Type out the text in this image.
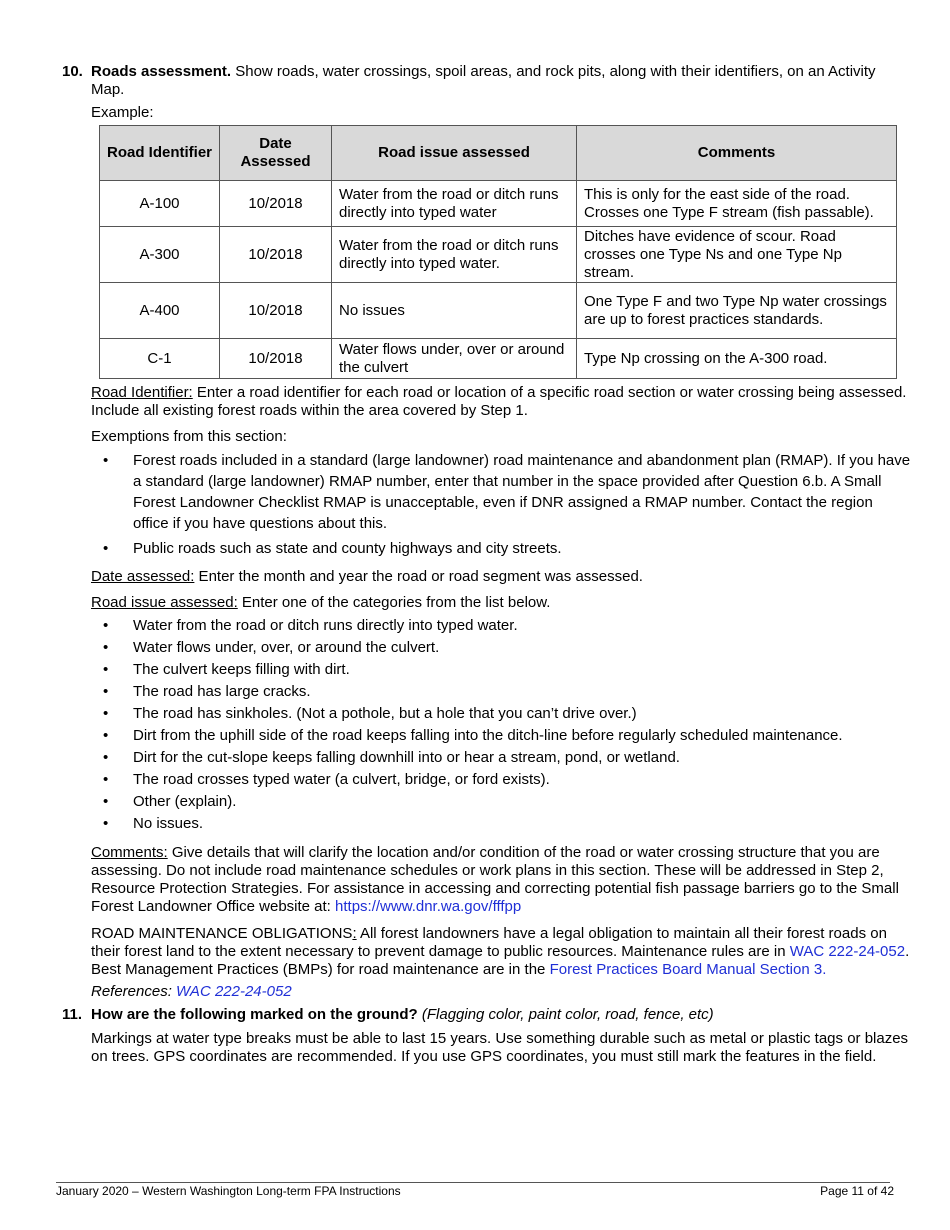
10. Roads assessment. Show roads, water crossings, spoil areas, and rock pits, along with their identifiers, on an Activity Map.

Example:

Road Identifier	Date Assessed	Road issue assessed	Comments
A-100	10/2018	Water from the road or ditch runs directly into typed water	This is only for the east side of the road. Crosses one Type F stream (fish passable).
A-300	10/2018	Water from the road or ditch runs directly into typed water.	Ditches have evidence of scour. Road crosses one Type Ns and one Type Np stream.
A-400	10/2018	No issues	One Type F and two Type Np water crossings are up to forest practices standards.
C-1	10/2018	Water flows under, over or around the culvert	Type Np crossing on the A-300 road.

Road Identifier: Enter a road identifier for each road or location of a specific road section or water crossing being assessed. Include all existing forest roads within the area covered by Step 1.

Exemptions from this section:

• Forest roads included in a standard (large landowner) road maintenance and abandonment plan (RMAP). If you have a standard (large landowner) RMAP number, enter that number in the space provided after Question 6.b. A Small Forest Landowner Checklist RMAP is unacceptable, even if DNR assigned a RMAP number. Contact the region office if you have questions about this.
• Public roads such as state and county highways and city streets.

Date assessed: Enter the month and year the road or road segment was assessed.

Road issue assessed: Enter one of the categories from the list below.

• Water from the road or ditch runs directly into typed water.
• Water flows under, over, or around the culvert.
• The culvert keeps filling with dirt.
• The road has large cracks.
• The road has sinkholes. (Not a pothole, but a hole that you can’t drive over.)
• Dirt from the uphill side of the road keeps falling into the ditch-line before regularly scheduled maintenance.
• Dirt for the cut-slope keeps falling downhill into or hear a stream, pond, or wetland.
• The road crosses typed water (a culvert, bridge, or ford exists).
• Other (explain).
• No issues.

Comments: Give details that will clarify the location and/or condition of the road or water crossing structure that you are assessing. Do not include road maintenance schedules or work plans in this section. These will be addressed in Step 2, Resource Protection Strategies. For assistance in accessing and correcting potential fish passage barriers go to the Small Forest Landowner Office website at: https://www.dnr.wa.gov/fffpp

ROAD MAINTENANCE OBLIGATIONS: All forest landowners have a legal obligation to maintain all their forest roads on their forest land to the extent necessary to prevent damage to public resources. Maintenance rules are in WAC 222-24-052. Best Management Practices (BMPs) for road maintenance are in the Forest Practices Board Manual Section 3.

References: WAC 222-24-052

11. How are the following marked on the ground? (Flagging color, paint color, road, fence, etc)

Markings at water type breaks must be able to last 15 years. Use something durable such as metal or plastic tags or blazes on trees. GPS coordinates are recommended. If you use GPS coordinates, you must still mark the features in the field.

January 2020 – Western Washington Long-term FPA Instructions	Page 11 of 42
